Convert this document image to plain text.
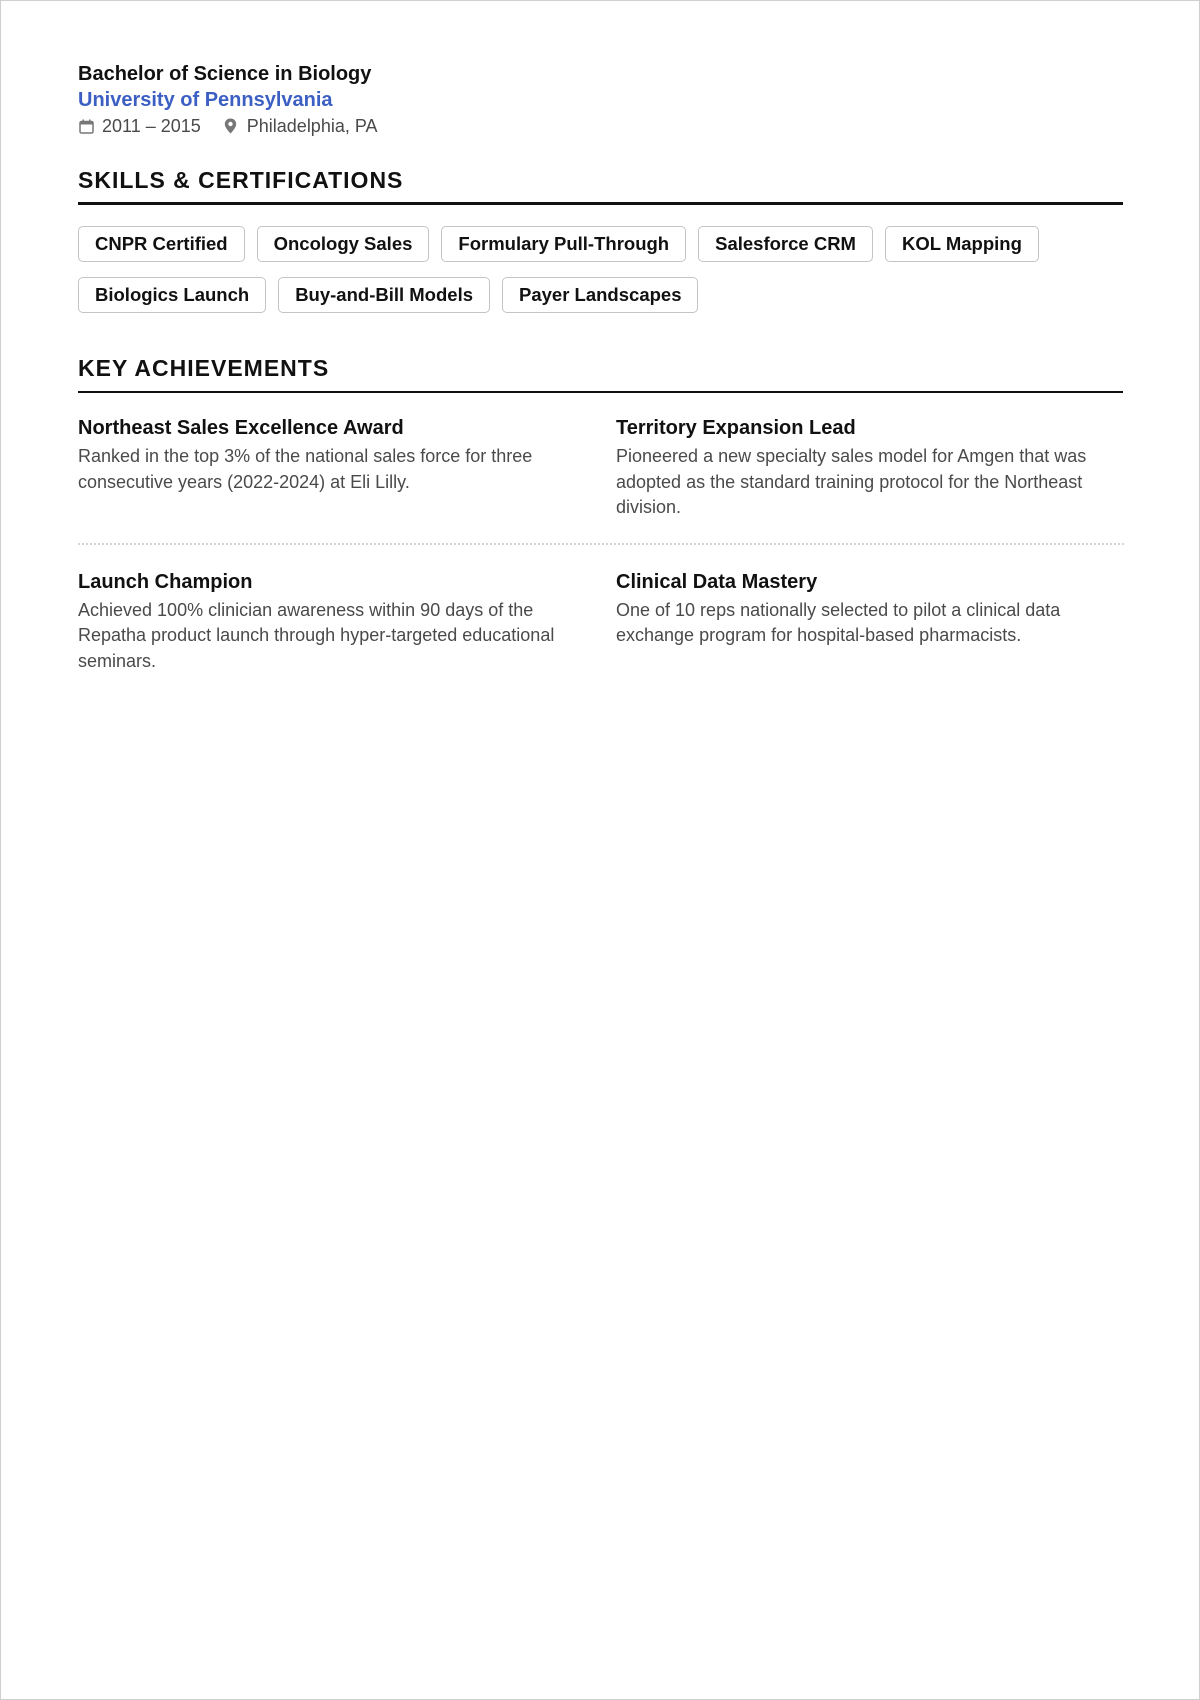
Bachelor of Science in Biology
University of Pennsylvania
2011 – 2015	Philadelphia, PA
SKILLS & CERTIFICATIONS
CNPR Certified	Oncology Sales	Formulary Pull-Through	Salesforce CRM	KOL Mapping
Biologics Launch	Buy-and-Bill Models	Payer Landscapes
KEY ACHIEVEMENTS
Northeast Sales Excellence Award
Ranked in the top 3% of the national sales force for three consecutive years (2022-2024) at Eli Lilly.
Territory Expansion Lead
Pioneered a new specialty sales model for Amgen that was adopted as the standard training protocol for the Northeast division.
Launch Champion
Achieved 100% clinician awareness within 90 days of the Repatha product launch through hyper-targeted educational seminars.
Clinical Data Mastery
One of 10 reps nationally selected to pilot a clinical data exchange program for hospital-based pharmacists.
